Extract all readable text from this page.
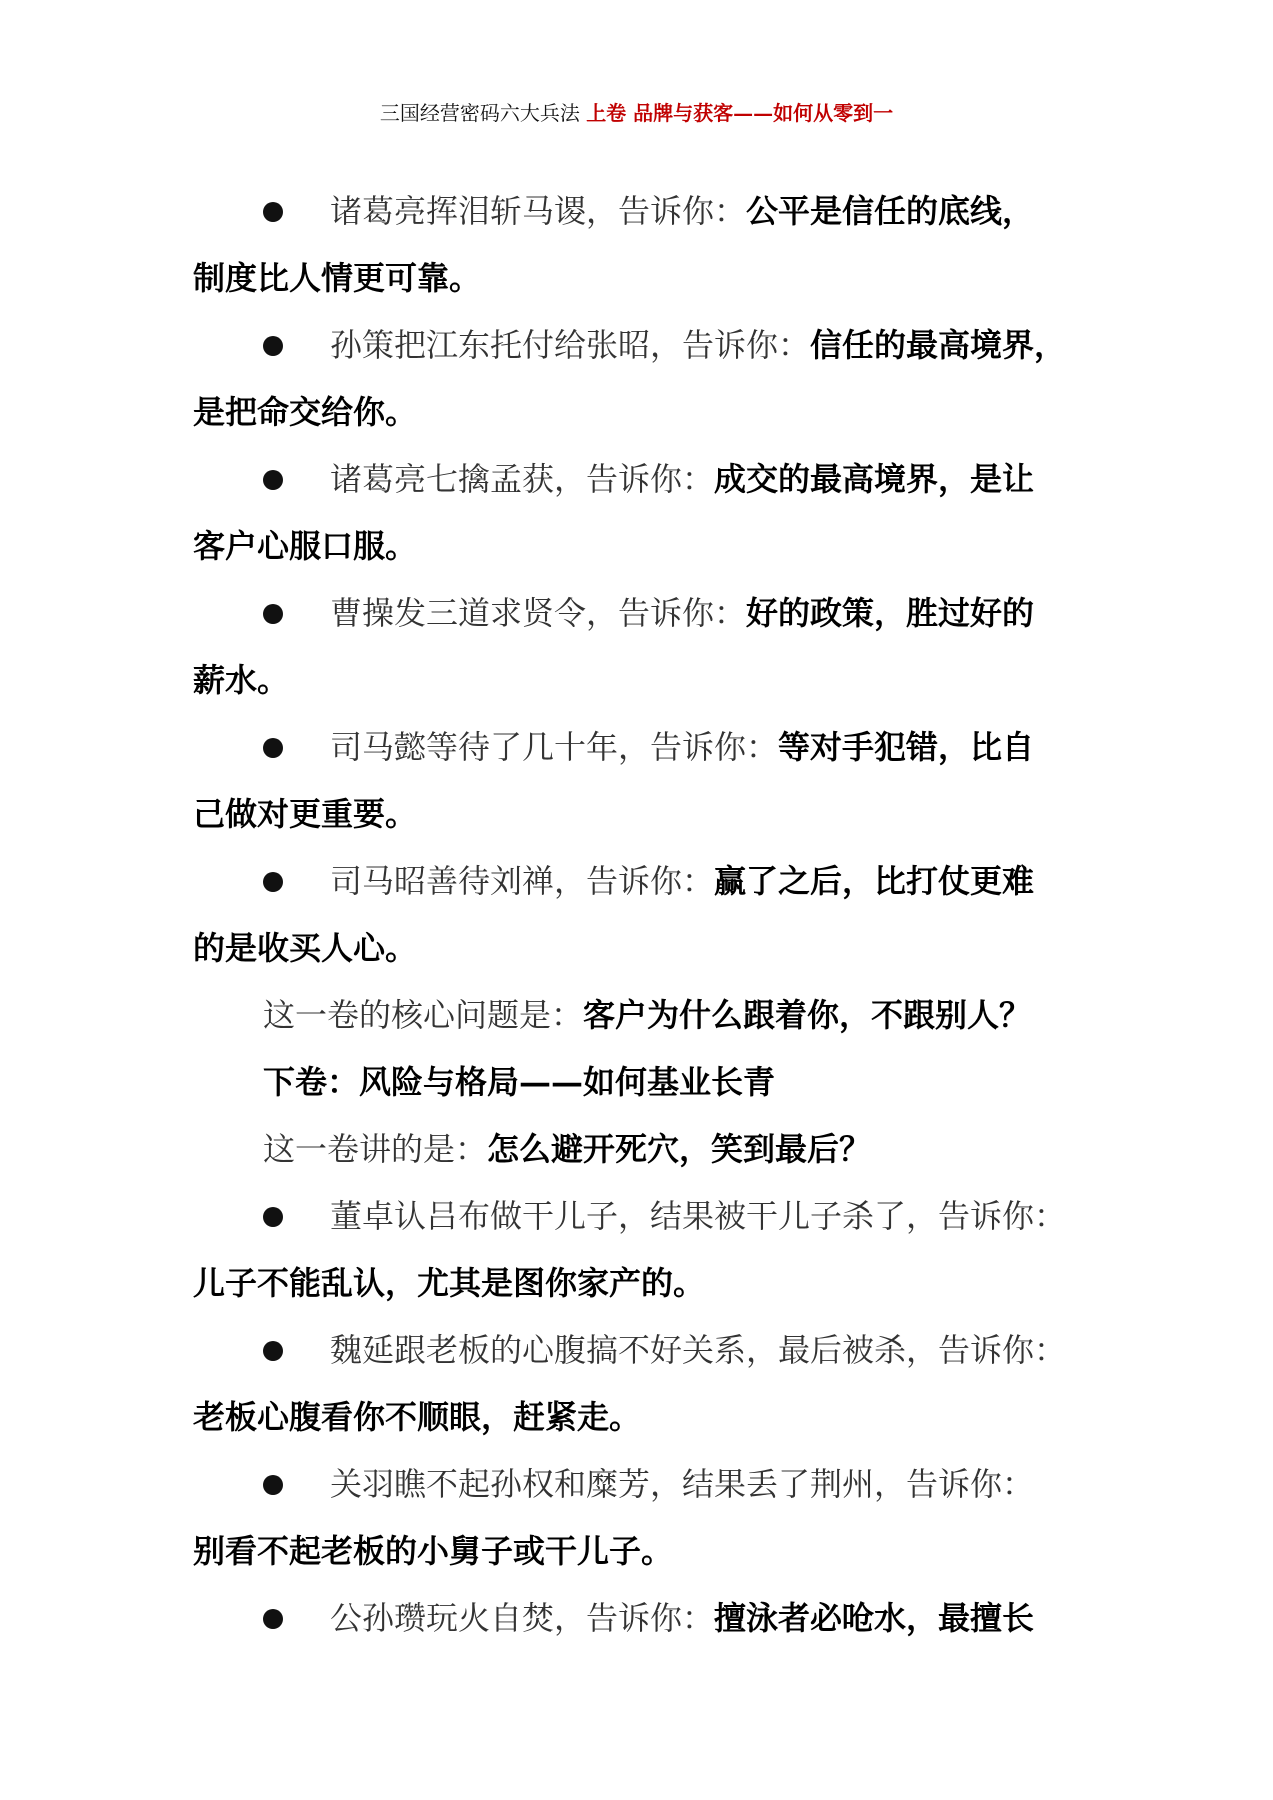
三国经营密码六大兵法 上卷 品牌与获客——如何从零到一
诸葛亮挥泪斩马谡，告诉你：公平是信任的底线，
制度比人情更可靠。
孙策把江东托付给张昭，告诉你：信任的最高境界，
是把命交给你。
诸葛亮七擒孟获，告诉你：成交的最高境界，是让
客户心服口服。
曹操发三道求贤令，告诉你：好的政策，胜过好的
薪水。
司马懿等待了几十年，告诉你：等对手犯错，比自
己做对更重要。
司马昭善待刘禅，告诉你：赢了之后，比打仗更难
的是收买人心。
这一卷的核心问题是：客户为什么跟着你，不跟别人？
下卷：风险与格局——如何基业长青
这一卷讲的是：怎么避开死穴，笑到最后？
董卓认吕布做干儿子，结果被干儿子杀了，告诉你：
儿子不能乱认，尤其是图你家产的。
魏延跟老板的心腹搞不好关系，最后被杀，告诉你：
老板心腹看你不顺眼，赶紧走。
关羽瞧不起孙权和糜芳，结果丢了荆州，告诉你：
别看不起老板的小舅子或干儿子。
公孙瓒玩火自焚，告诉你：擅泳者必呛水，最擅长
